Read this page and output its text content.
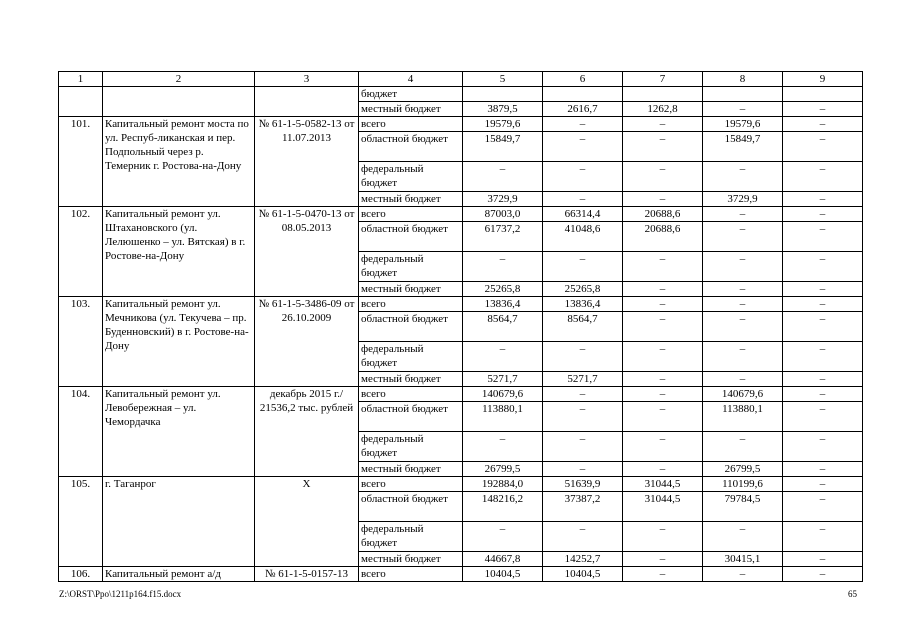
1	2	3	4	5	6	7	8	9
			бюджет					
			местный бюджет	3879,5	2616,7	1262,8	–	–
101.	Капитальный ремонт моста по ул. Респуб-ликанская и пер. Подпольный через р. Темерник г. Ростова-на-Дону	№ 61-1-5-0582-13 от 11.07.2013	всего	19579,6	–	–	19579,6	–
			областной бюджет	15849,7	–	–	15849,7	–
			федеральный бюджет	–	–	–	–	–
			местный бюджет	3729,9	–	–	3729,9	–
102.	Капитальный ремонт ул. Штахановского (ул. Лелюшенко – ул. Вятская) в г. Ростове-на-Дону	№ 61-1-5-0470-13 от 08.05.2013	всего	87003,0	66314,4	20688,6	–	–
			областной бюджет	61737,2	41048,6	20688,6	–	–
			федеральный бюджет	–	–	–	–	–
			местный бюджет	25265,8	25265,8	–	–	–
103.	Капитальный ремонт ул. Мечникова (ул. Текучева – пр. Буденновский) в г. Ростове-на-Дону	№ 61-1-5-3486-09 от 26.10.2009	всего	13836,4	13836,4	–	–	–
			областной бюджет	8564,7	8564,7	–	–	–
			федеральный бюджет	–	–	–	–	–
			местный бюджет	5271,7	5271,7	–	–	–
104.	Капитальный ремонт ул. Левобережная – ул. Чемордачка	декабрь 2015 г./ 21536,2 тыс. рублей	всего	140679,6	–	–	140679,6	–
			областной бюджет	113880,1	–	–	113880,1	–
			федеральный бюджет	–	–	–	–	–
			местный бюджет	26799,5	–	–	26799,5	–
105.	г. Таганрог	Х	всего	192884,0	51639,9	31044,5	110199,6	–
			областной бюджет	148216,2	37387,2	31044,5	79784,5	–
			федеральный бюджет	–	–	–	–	–
			местный бюджет	44667,8	14252,7	–	30415,1	–
106.	Капитальный ремонт а/д	№ 61-1-5-0157-13	всего	10404,5	10404,5	–	–	–
Z:\ORST\Ppo\1211p164.f15.docx	65
